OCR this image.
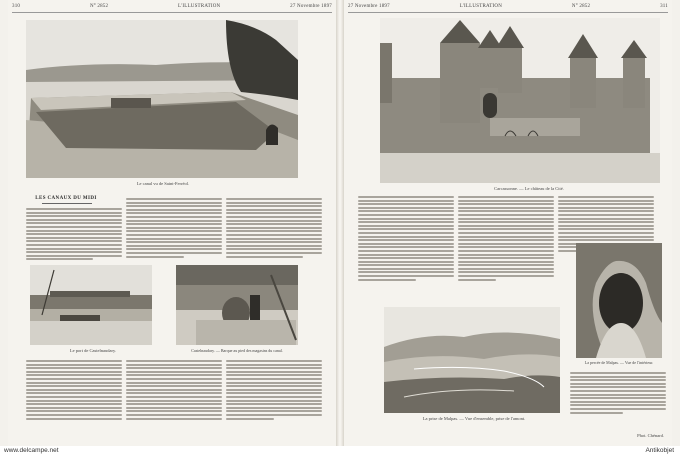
310	N° 2852	L'ILLUSTRATION	27 Novembre 1897
Le canal vu de Saint-Ferréol.
LES CANAUX DU MIDI
Le port de Castelnaudary.	Castelnaudary. — Barque au pied des magasins du canal.
27 Novembre 1897	L'ILLUSTRATION	N° 2852	311
Carcassonne. — Le château de la Cité.
La percée de Malpas. — Vue de l'intérieur.
La prise de Malpas. — Vue d'ensemble, prise de l'amont.
Phot. Chénard.
www.delcampe.net	Antikobjet
